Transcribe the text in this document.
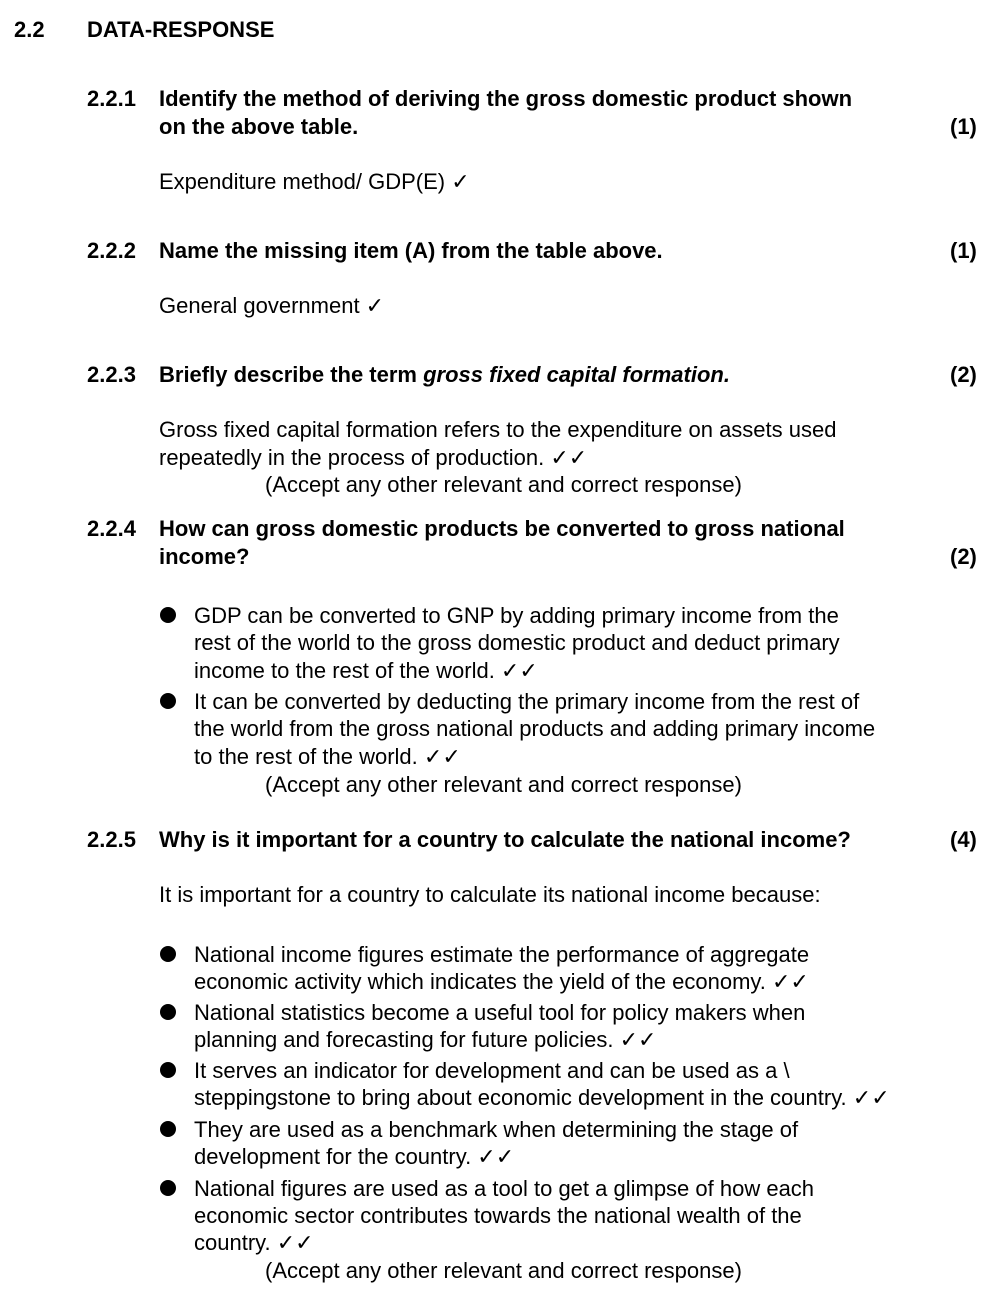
2.2 DATA-RESPONSE
2.2.1 Identify the method of deriving the gross domestic product shown
on the above table.	(1)
Expenditure method/ GDP(E) ✓
2.2.2 Name the missing item (A) from the table above.	(1)
General government ✓
2.2.3 Briefly describe the term gross fixed capital formation.	(2)
Gross fixed capital formation refers to the expenditure on assets used
repeatedly in the process of production. ✓✓
(Accept any other relevant and correct response)
2.2.4 How can gross domestic products be converted to gross national
income?	(2)
GDP can be converted to GNP by adding primary income from the
rest of the world to the gross domestic product and deduct primary
income to the rest of the world. ✓✓
It can be converted by deducting the primary income from the rest of
the world from the gross national products and adding primary income
to the rest of the world. ✓✓
(Accept any other relevant and correct response)
2.2.5 Why is it important for a country to calculate the national income?	(4)
It is important for a country to calculate its national income because:
National income figures estimate the performance of aggregate
economic activity which indicates the yield of the economy. ✓✓
National statistics become a useful tool for policy makers when
planning and forecasting for future policies. ✓✓
It serves an indicator for development and can be used as a \
steppingstone to bring about economic development in the country. ✓✓
They are used as a benchmark when determining the stage of
development for the country. ✓✓
National figures are used as a tool to get a glimpse of how each
economic sector contributes towards the national wealth of the
country. ✓✓
(Accept any other relevant and correct response)
